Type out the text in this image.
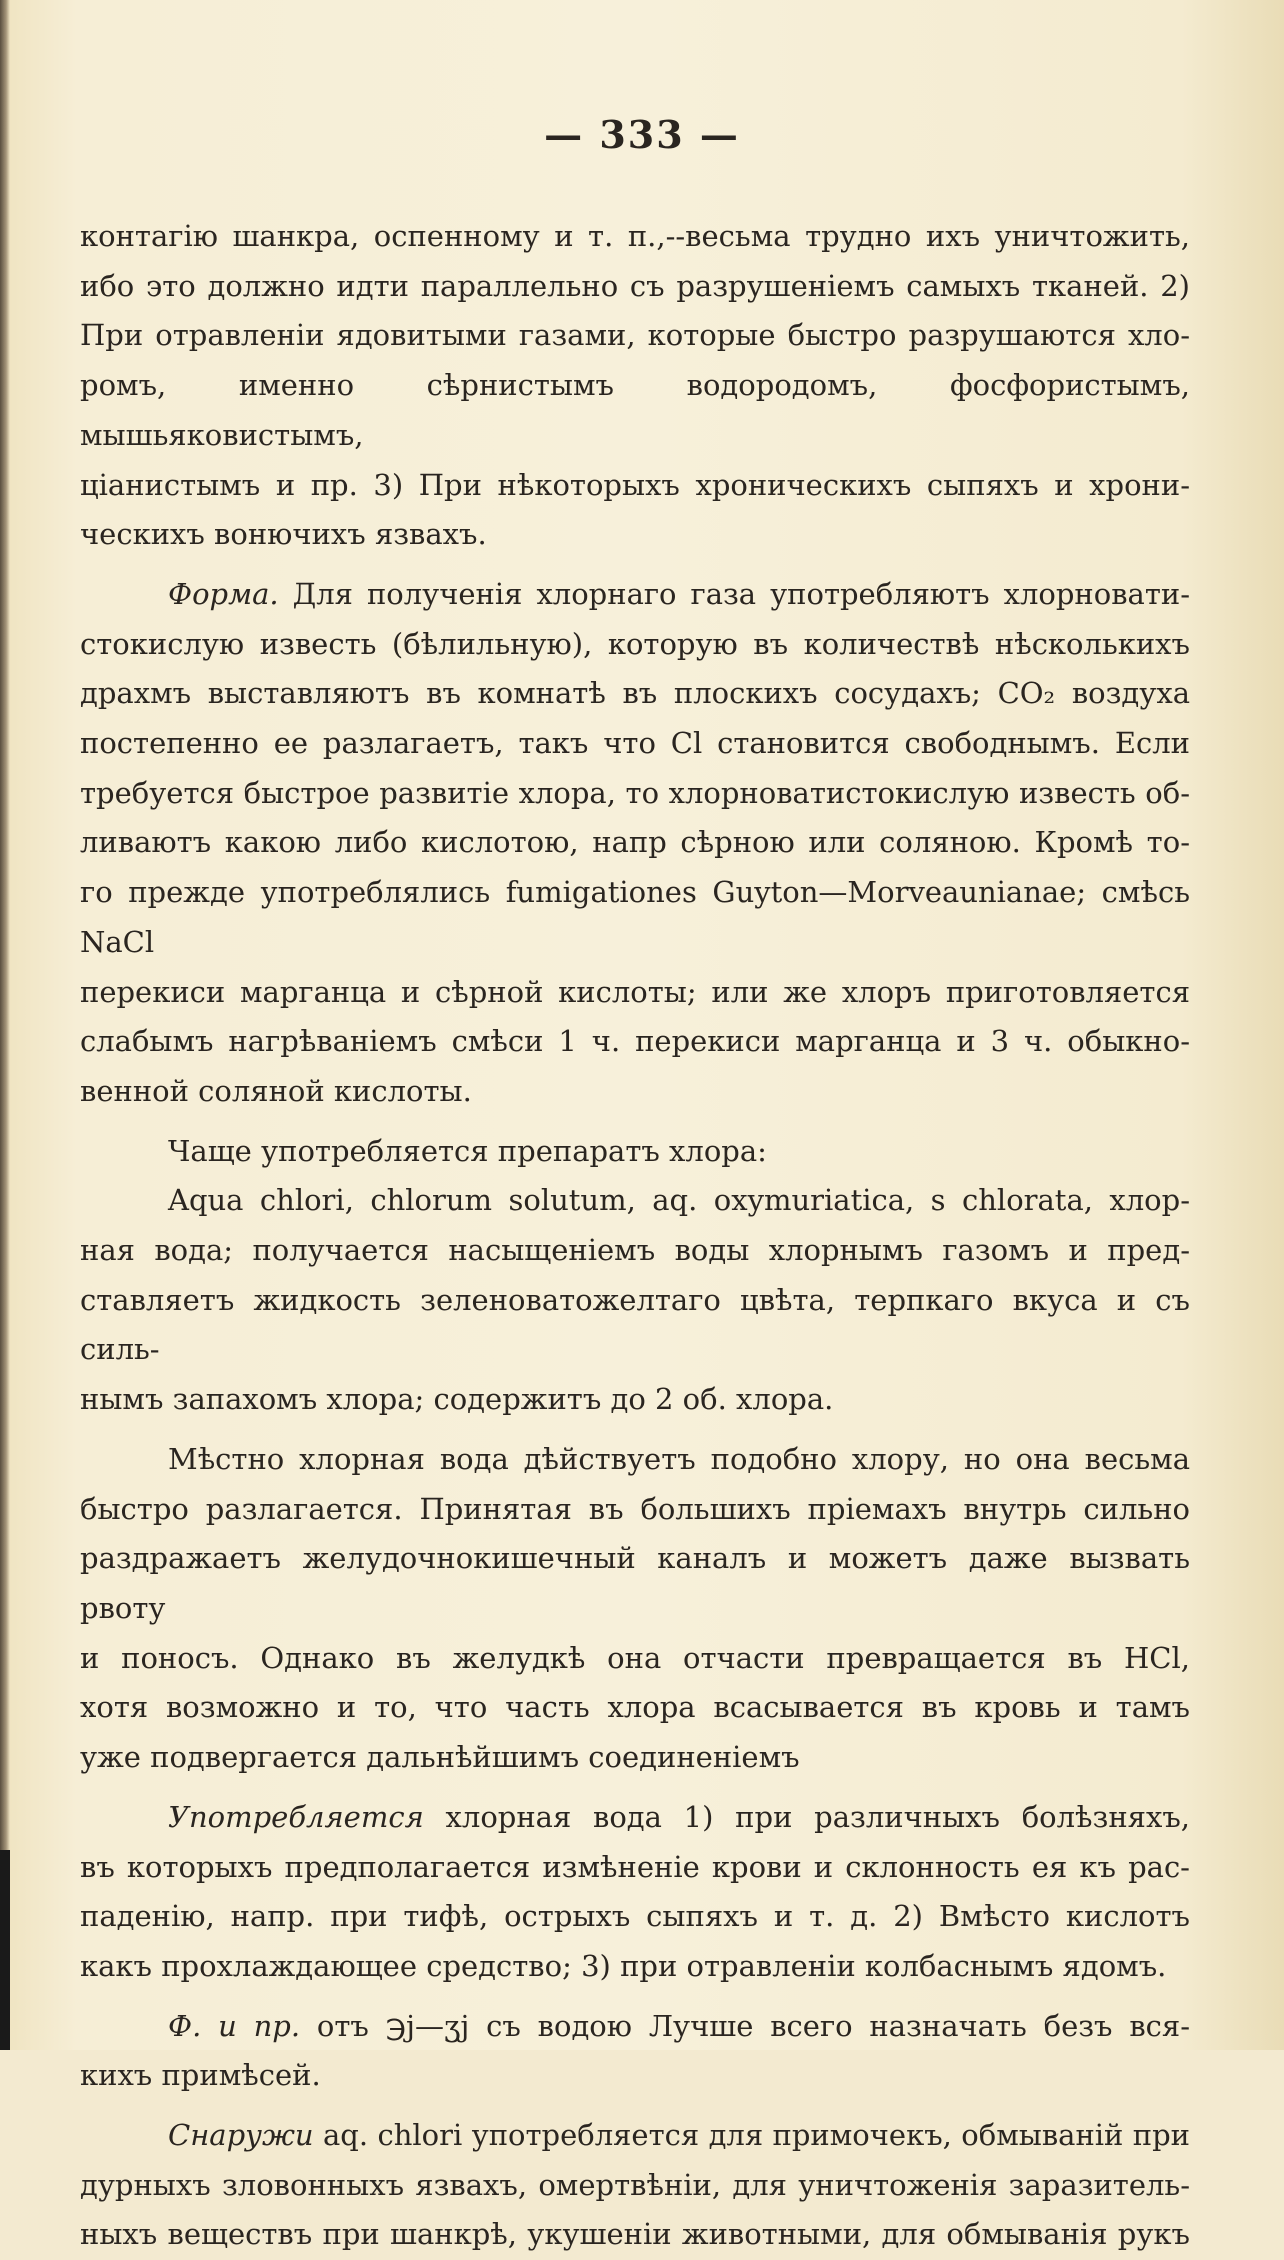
— 333 —

контагію шанкра, оспенному и т. п.,--весьма трудно ихъ уничтожить,

ибо это должно идти параллельно съ разрушеніемъ самыхъ тканей. 2)

При отравленіи ядовитыми газами, которые быстро разрушаются хло-

ромъ, именно сѣрнистымъ водородомъ, фосфористымъ, мышьяковистымъ,

ціанистымъ и пр. 3) При нѣкоторыхъ хроническихъ сыпяхъ и хрони-

ческихъ вонючихъ язвахъ.

Форма. Для полученія хлорнаго газа употребляютъ хлорновати-

стокислую известь (бѣлильную), которую въ количествѣ нѣсколькихъ

драхмъ выставляютъ въ комнатѣ въ плоскихъ сосудахъ; CO₂ воздуха

постепенно ее разлагаетъ, такъ что Cl становится свободнымъ. Если

требуется быстрое развитіе хлора, то хлорноватистокислую известь об-

ливаютъ какою либо кислотою, напр сѣрною или соляною. Кромѣ то-

го прежде употреблялись fumigationes Guyton—Morveaunianae; смѣсь NaCl

перекиси марганца и сѣрной кислоты; или же хлоръ приготовляется

слабымъ нагрѣваніемъ смѣси 1 ч. перекиси марганца и 3 ч. обыкно-

венной соляной кислоты.

Чаще употребляется препаратъ хлора:

Aqua chlori, chlorum solutum, aq. oxymuriatica, s chlorata, хлор-

ная вода; получается насыщеніемъ воды хлорнымъ газомъ и пред-

ставляетъ жидкость зеленоватожелтаго цвѣта, терпкаго вкуса и съ силь-

нымъ запахомъ хлора; содержитъ до 2 об. хлора.

Мѣстно хлорная вода дѣйствуетъ подобно хлору, но она весьма

быстро разлагается. Принятая въ большихъ пріемахъ внутрь сильно

раздражаетъ желудочнокишечный каналъ и можетъ даже вызвать рвоту

и поносъ. Однако въ желудкѣ она отчасти превращается въ HCl,

хотя возможно и то, что часть хлора всасывается въ кровь и тамъ

уже подвергается дальнѣйшимъ соединеніемъ

Употребляется хлорная вода 1) при различныхъ болѣзняхъ,

въ которыхъ предполагается измѣненіе крови и склонность ея къ рас-

паденію, напр. при тифѣ, острыхъ сыпяхъ и т. д. 2) Вмѣсто кислотъ

какъ прохлаждающее средство; 3) при отравленіи колбаснымъ ядомъ.

Ф. и пр. отъ ℈j—ʒj съ водою Лучше всего назначать безъ вся-

кихъ примѣсей.

Снаружи aq. chlori употребляется для примочекъ, обмываній при

дурныхъ зловонныхъ язвахъ, омертвѣніи, для уничтоженія заразитель-

ныхъ веществъ при шанкрѣ, укушеніи животными, для обмыванія рукъ
